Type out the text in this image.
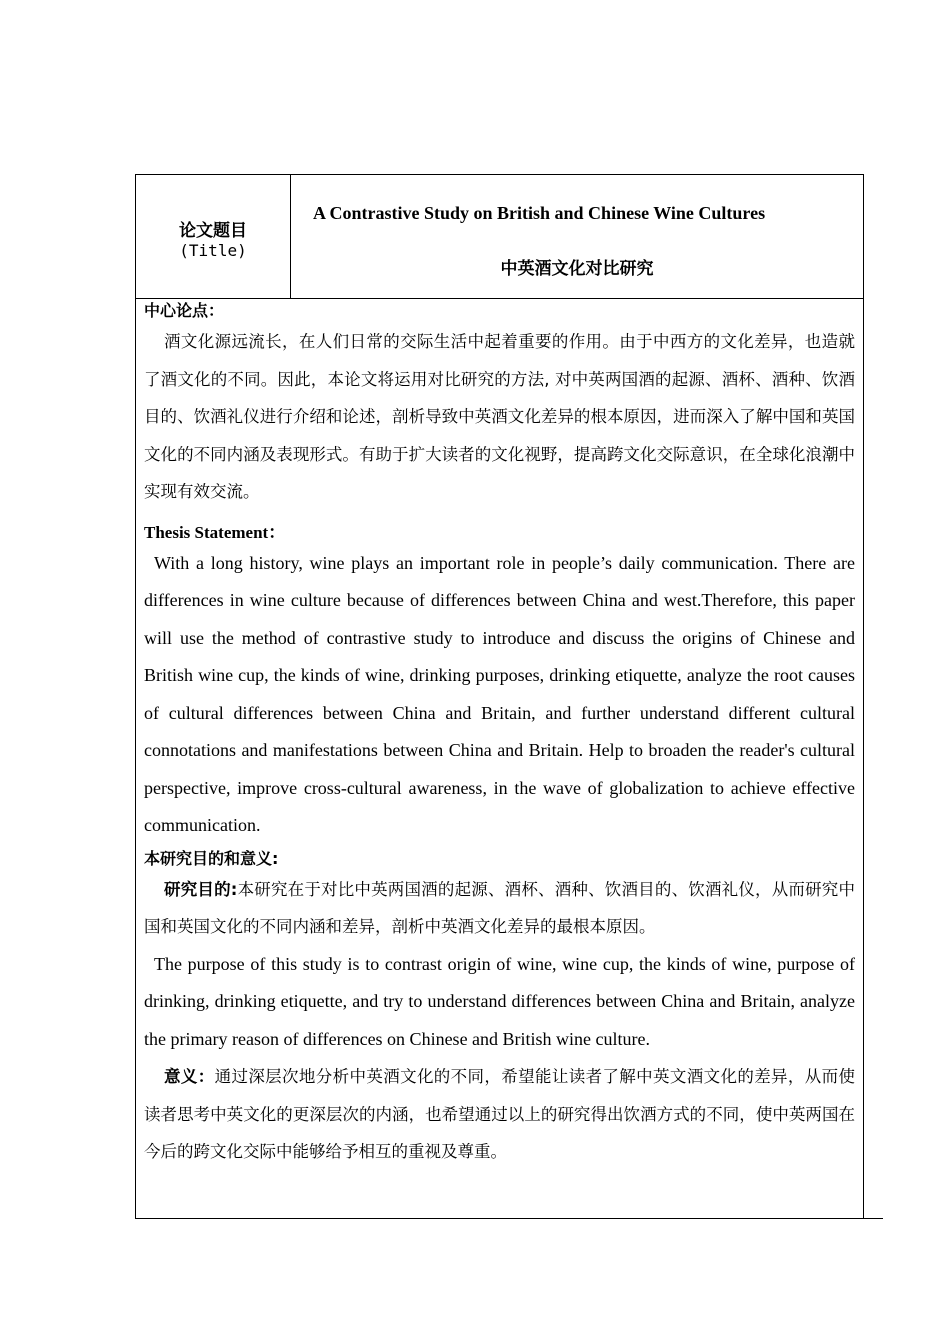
论文题目
(Title)
A Contrastive Study on British and Chinese Wine Cultures
中英酒文化对比研究
中心论点：

酒文化源远流长，在人们日常的交际生活中起着重要的作用。由于中西方的文化差异，也造就了酒文化的不同。因此，本论文将运用对比研究的方法, 对中英两国酒的起源、酒杯、酒种、饮酒目的、饮酒礼仪进行介绍和论述，剖析导致中英酒文化差异的根本原因，进而深入了解中国和英国文化的不同内涵及表现形式。有助于扩大读者的文化视野，提高跨文化交际意识，在全球化浪潮中实现有效交流。

Thesis Statement：

With a long history, wine plays an important role in people’s daily communication. There are differences in wine culture because of differences between China and west.Therefore, this paper will use the method of contrastive study to introduce and discuss the origins of Chinese and British wine cup, the kinds of wine, drinking purposes, drinking etiquette, analyze the root causes of cultural differences between China and Britain, and further understand different cultural connotations and manifestations between China and Britain. Help to broaden the reader's cultural perspective, improve cross-cultural awareness, in the wave of globalization to achieve effective communication.

本研究目的和意义:

研究目的:本研究在于对比中英两国酒的起源、酒杯、酒种、饮酒目的、饮酒礼仪，从而研究中国和英国文化的不同内涵和差异，剖析中英酒文化差异的最根本原因。

The purpose of this study is to contrast origin of wine, wine cup, the kinds of wine, purpose of drinking, drinking etiquette, and try to understand differences between China and Britain, analyze the primary reason of differences on Chinese and British wine culture.

意义：通过深层次地分析中英酒文化的不同，希望能让读者了解中英文酒文化的差异，从而使读者思考中英文化的更深层次的内涵，也希望通过以上的研究得出饮酒方式的不同，使中英两国在今后的跨文化交际中能够给予相互的重视及尊重。
